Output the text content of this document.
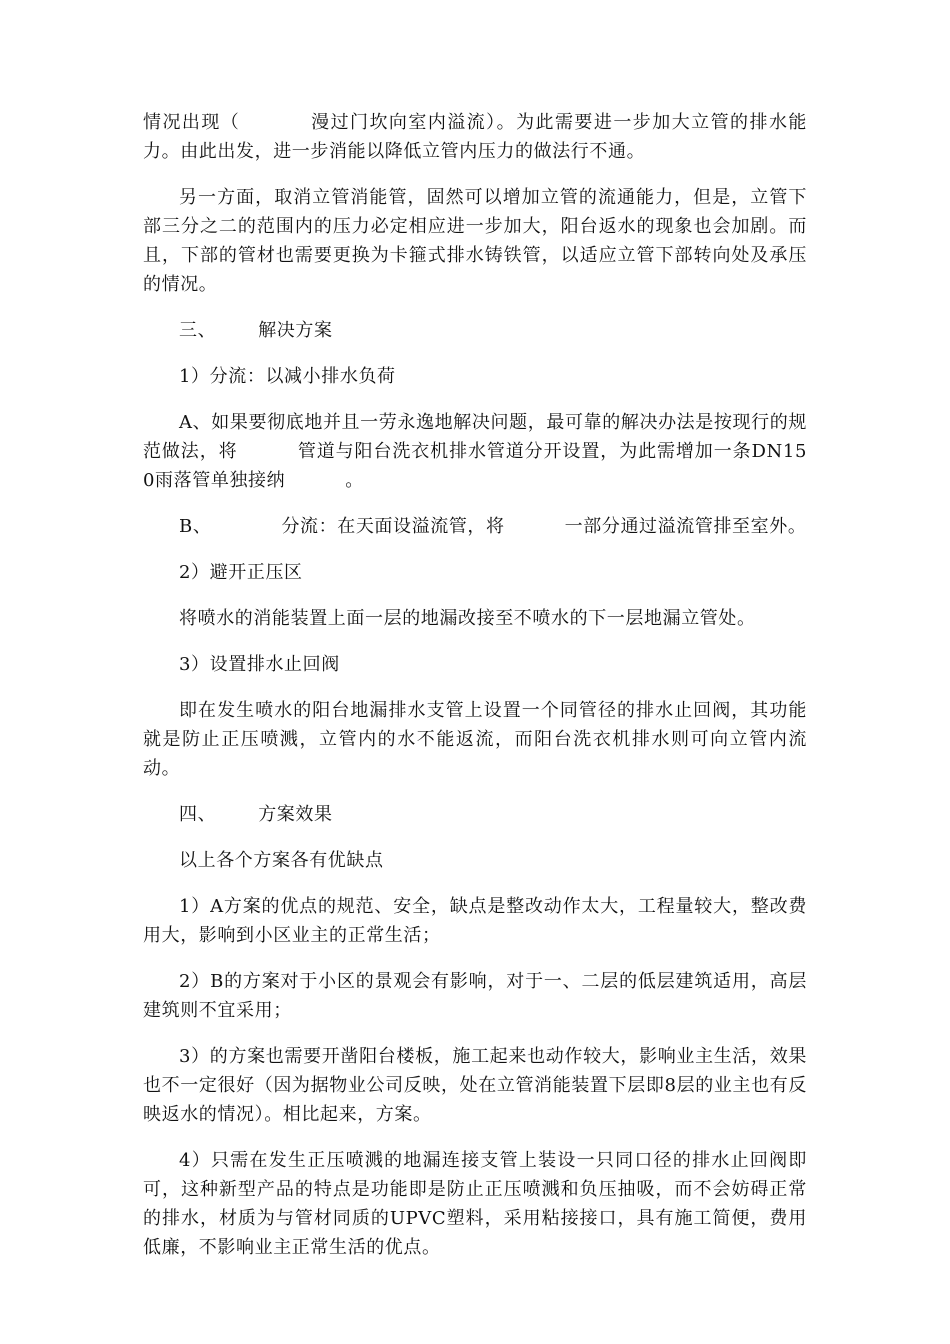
情况出现（	漫过门坎向室内溢流）。为此需要进一步加大立管的排水能力。由此出发，进一步消能以降低立管内压力的做法行不通。

另一方面，取消立管消能管，固然可以增加立管的流通能力，但是，立管下部三分之二的范围内的压力必定相应进一步加大，阳台返水的现象也会加剧。而且，下部的管材也需要更换为卡箍式排水铸铁管，以适应立管下部转向处及承压的情况。

三、 解决方案

1）分流：以减小排水负荷

A、如果要彻底地并且一劳永逸地解决问题，最可靠的解决办法是按现行的规范做法，将	管道与阳台洗衣机排水管道分开设置，为此需增加一条DN150雨落管单独接纳	。

B、	分流：在天面设溢流管，将	一部分通过溢流管排至室外。

2）避开正压区

将喷水的消能装置上面一层的地漏改接至不喷水的下一层地漏立管处。

3）设置排水止回阀

即在发生喷水的阳台地漏排水支管上设置一个同管径的排水止回阀，其功能就是防止正压喷溅，立管内的水不能返流，而阳台洗衣机排水则可向立管内流动。

四、 方案效果

以上各个方案各有优缺点

1）A方案的优点的规范、安全，缺点是整改动作太大，工程量较大，整改费用大，影响到小区业主的正常生活；

2）B的方案对于小区的景观会有影响，对于一、二层的低层建筑适用，高层建筑则不宜采用；

3）的方案也需要开凿阳台楼板，施工起来也动作较大，影响业主生活，效果也不一定很好（因为据物业公司反映，处在立管消能装置下层即8层的业主也有反映返水的情况）。相比起来，方案。

4）只需在发生正压喷溅的地漏连接支管上装设一只同口径的排水止回阀即可，这种新型产品的特点是功能即是防止正压喷溅和负压抽吸，而不会妨碍正常的排水，材质为与管材同质的UPVC塑料，采用粘接接口，具有施工简便，费用低廉，不影响业主正常生活的优点。
